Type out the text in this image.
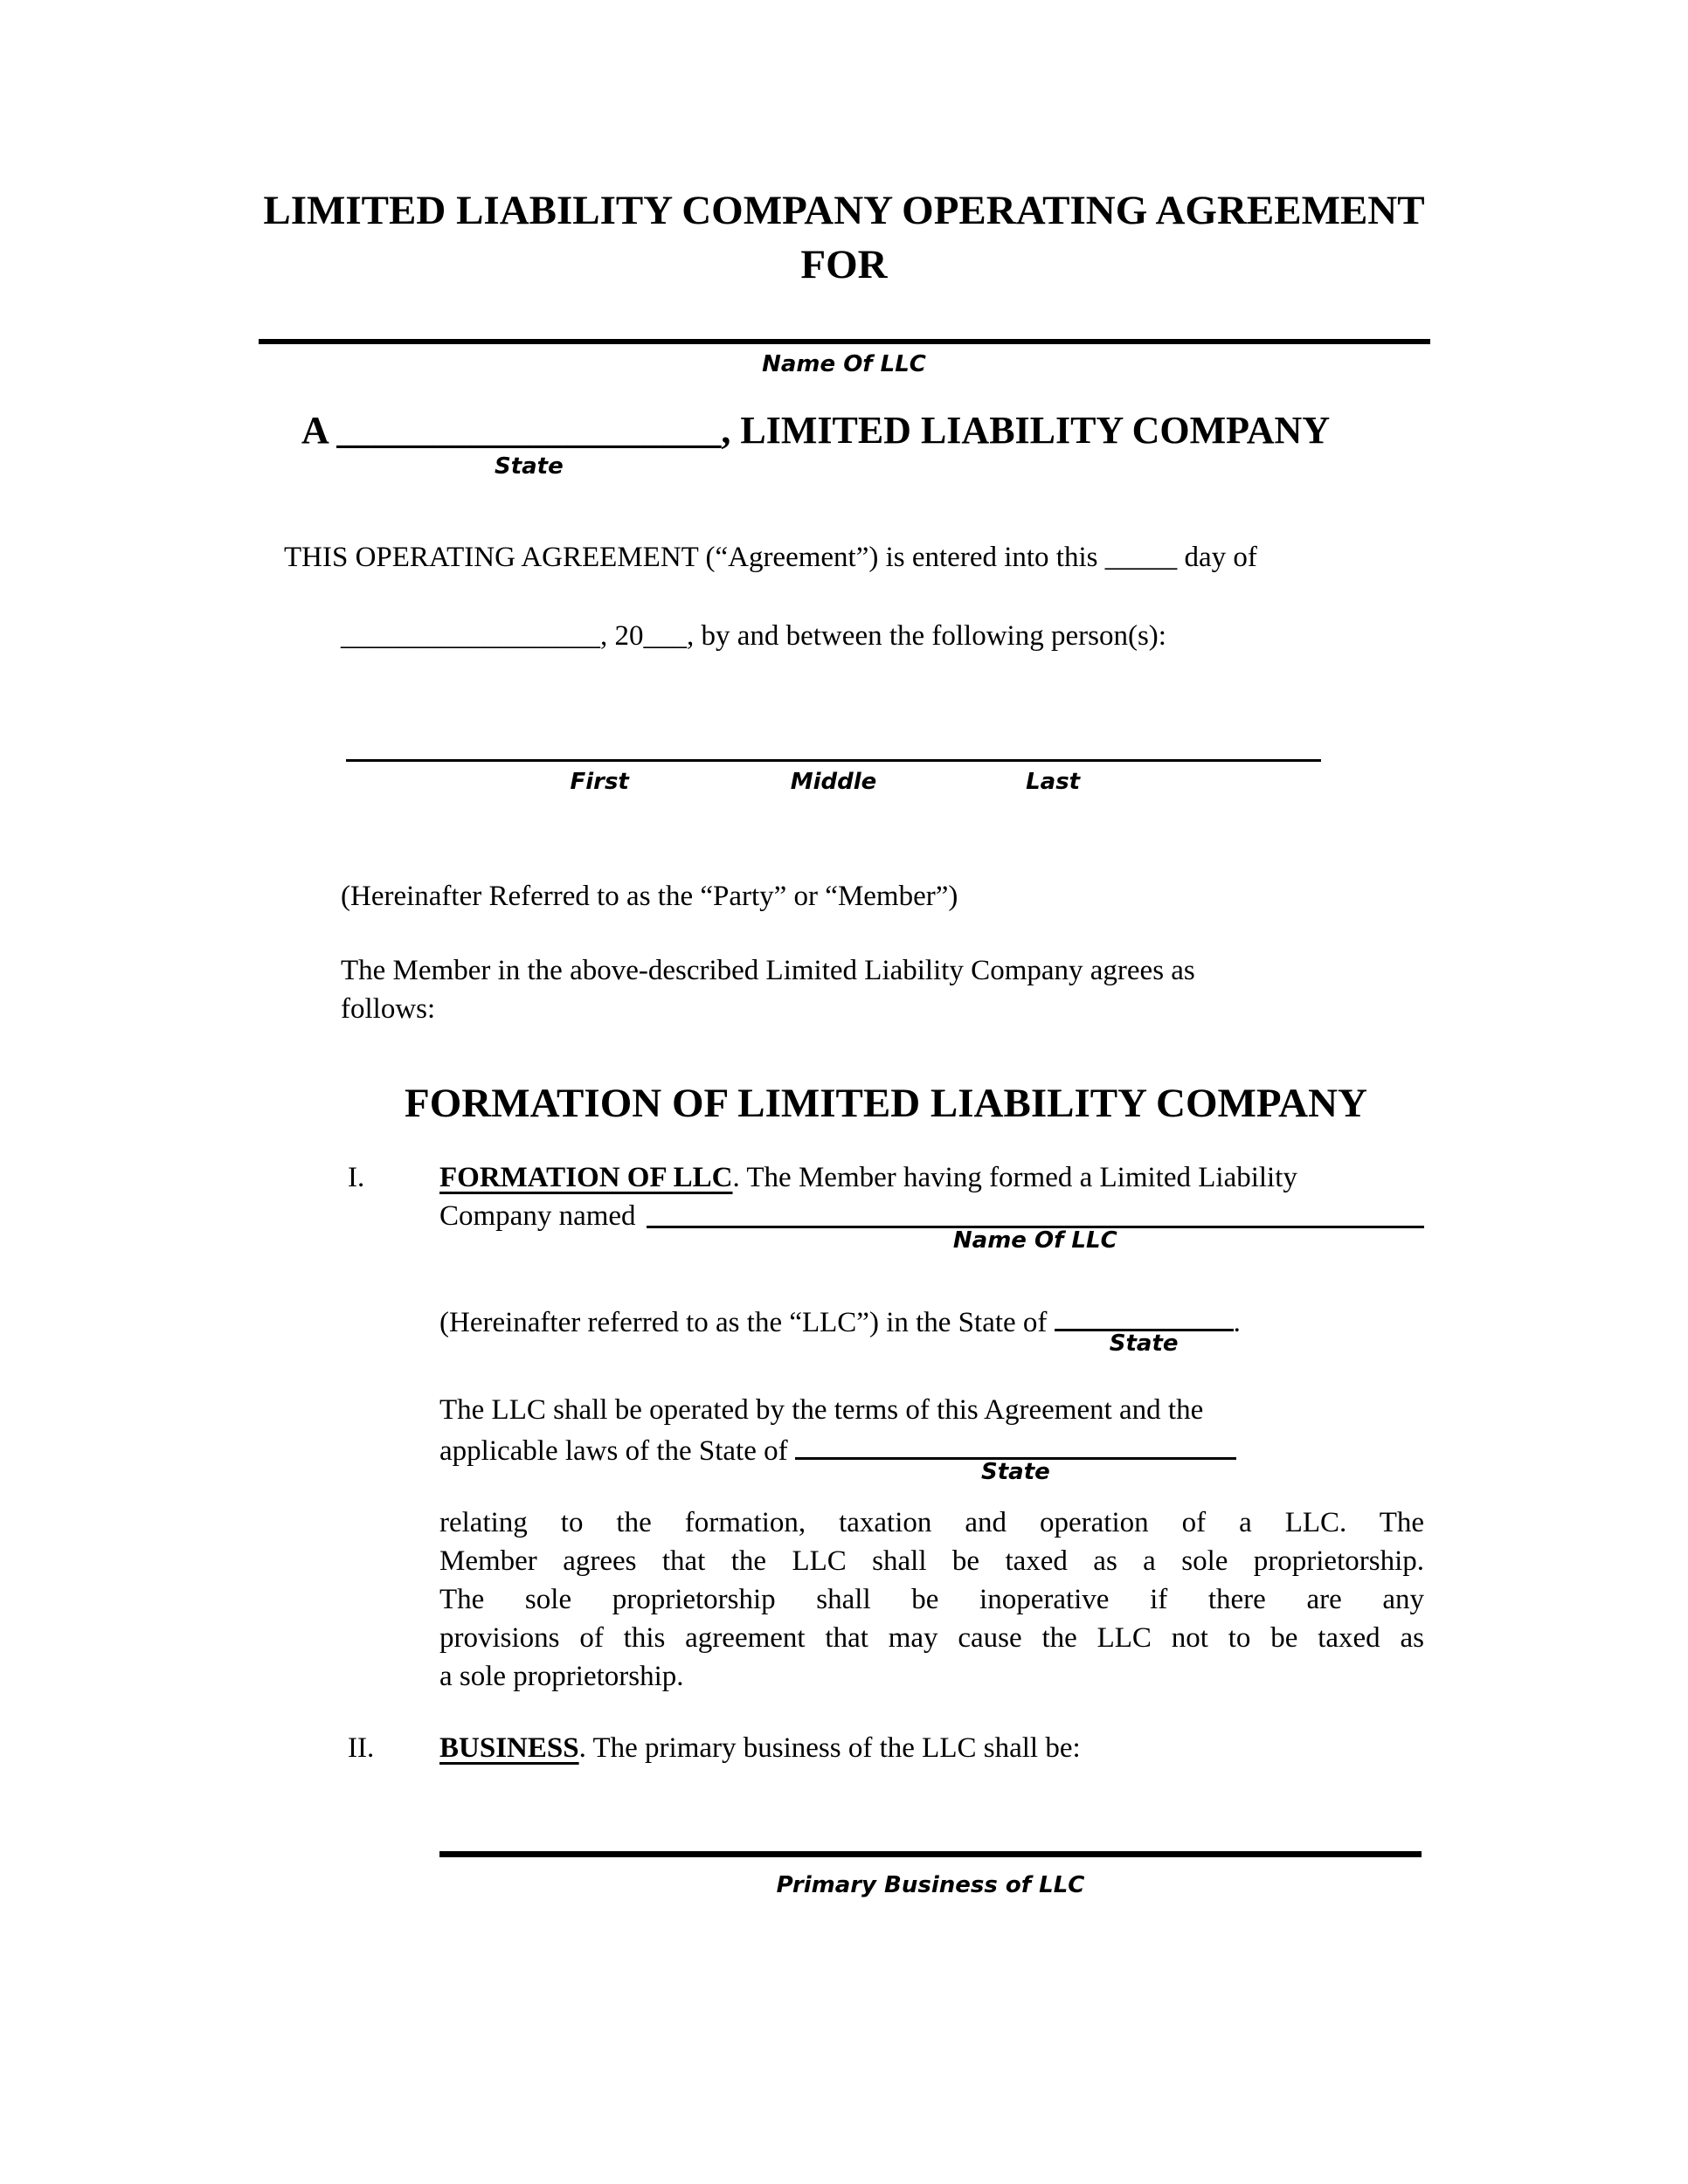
LIMITED LIABILITY COMPANY OPERATING AGREEMENT
FOR
Name Of LLC
A ____________________
State
, LIMITED LIABILITY COMPANY

THIS OPERATING AGREEMENT (“Agreement”) is entered into this _____ day of

__________________, 20___, by and between the following person(s):

First	Middle	Last

(Hereinafter Referred to as the “Party” or “Member”)

The Member in the above-described Limited Liability Company agrees as
follows:
FORMATION OF LIMITED LIABILITY COMPANY
I.	FORMATION OF LLC. The Member having formed a Limited Liability
Company named
Name Of LLC
(Hereinafter referred to as the “LLC”) in the State of
State
.
The LLC shall be operated by the terms of this Agreement and the
applicable laws of the State of
State
relating to the formation, taxation and operation of a LLC. The
Member agrees that the LLC shall be taxed as a sole proprietorship.
The sole proprietorship shall be inoperative if there are any
provisions of this agreement that may cause the LLC not to be taxed as
a sole proprietorship.
II.	BUSINESS. The primary business of the LLC shall be:
Primary Business of LLC
